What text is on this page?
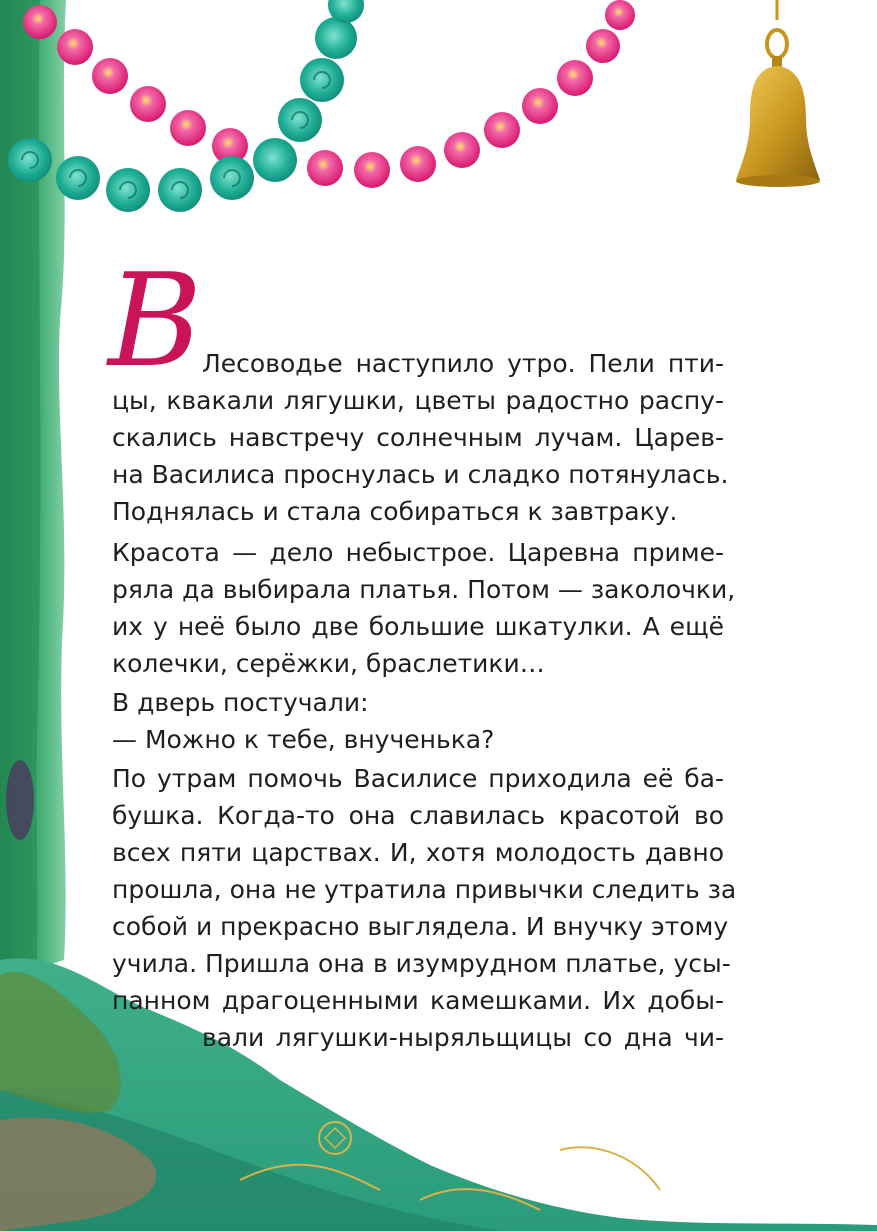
В Лесоводье наступило утро. Пели пти-
цы, квакали лягушки, цветы радостно распу-
скались навстречу солнечным лучам. Царев-
на Василиса проснулась и сладко потянулась.
Поднялась и стала собираться к завтраку.
Красота — дело небыстрое. Царевна приме-
ряла да выбирала платья. Потом — заколочки,
их у неё было две большие шкатулки. А ещё
колечки, серёжки, браслетики…
В дверь постучали:
— Можно к тебе, внученька?
По утрам помочь Василисе приходила её ба-
бушка. Когда-то она славилась красотой во
всех пяти царствах. И, хотя молодость давно
прошла, она не утратила привычки следить за
собой и прекрасно выглядела. И внучку этому
учила. Пришла она в изумрудном платье, усы-
панном драгоценными камешками. Их добы-
вали лягушки-ныряльщицы со дна чи-
